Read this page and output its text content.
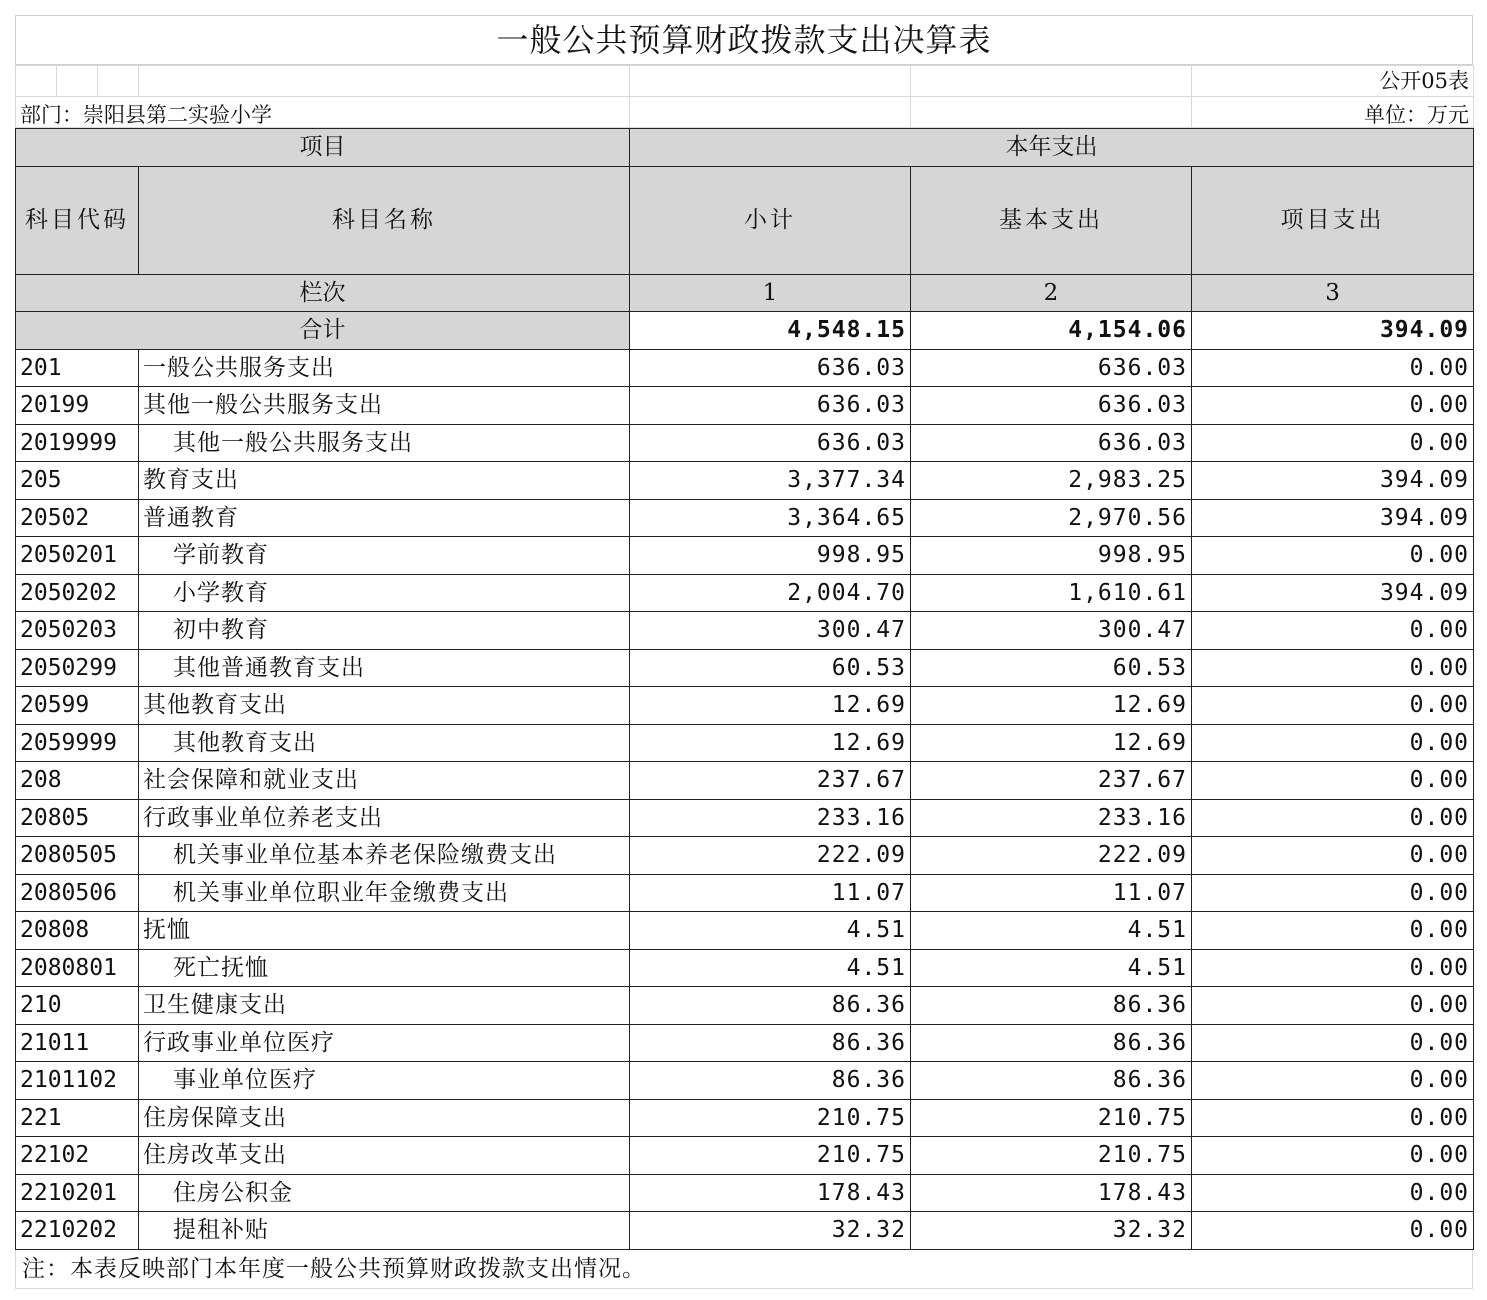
一般公共预算财政拨款支出决算表
						公开05表
部门：崇阳县第二实验小学						单位：万元
项目		本年支出		
科目代码	科目名称	小计	基本支出	项目支出
栏次		1	2	3
合计		4,548.15	4,154.06	394.09
201	一般公共服务支出	636.03	636.03	0.00
20199	其他一般公共服务支出	636.03	636.03	0.00
2019999	其他一般公共服务支出	636.03	636.03	0.00
205	教育支出	3,377.34	2,983.25	394.09
20502	普通教育	3,364.65	2,970.56	394.09
2050201	学前教育	998.95	998.95	0.00
2050202	小学教育	2,004.70	1,610.61	394.09
2050203	初中教育	300.47	300.47	0.00
2050299	其他普通教育支出	60.53	60.53	0.00
20599	其他教育支出	12.69	12.69	0.00
2059999	其他教育支出	12.69	12.69	0.00
208	社会保障和就业支出	237.67	237.67	0.00
20805	行政事业单位养老支出	233.16	233.16	0.00
2080505	机关事业单位基本养老保险缴费支出	222.09	222.09	0.00
2080506	机关事业单位职业年金缴费支出	11.07	11.07	0.00
20808	抚恤	4.51	4.51	0.00
2080801	死亡抚恤	4.51	4.51	0.00
210	卫生健康支出	86.36	86.36	0.00
21011	行政事业单位医疗	86.36	86.36	0.00
2101102	事业单位医疗	86.36	86.36	0.00
221	住房保障支出	210.75	210.75	0.00
22102	住房改革支出	210.75	210.75	0.00
2210201	住房公积金	178.43	178.43	0.00
2210202	提租补贴	32.32	32.32	0.00
注：本表反映部门本年度一般公共预算财政拨款支出情况。
